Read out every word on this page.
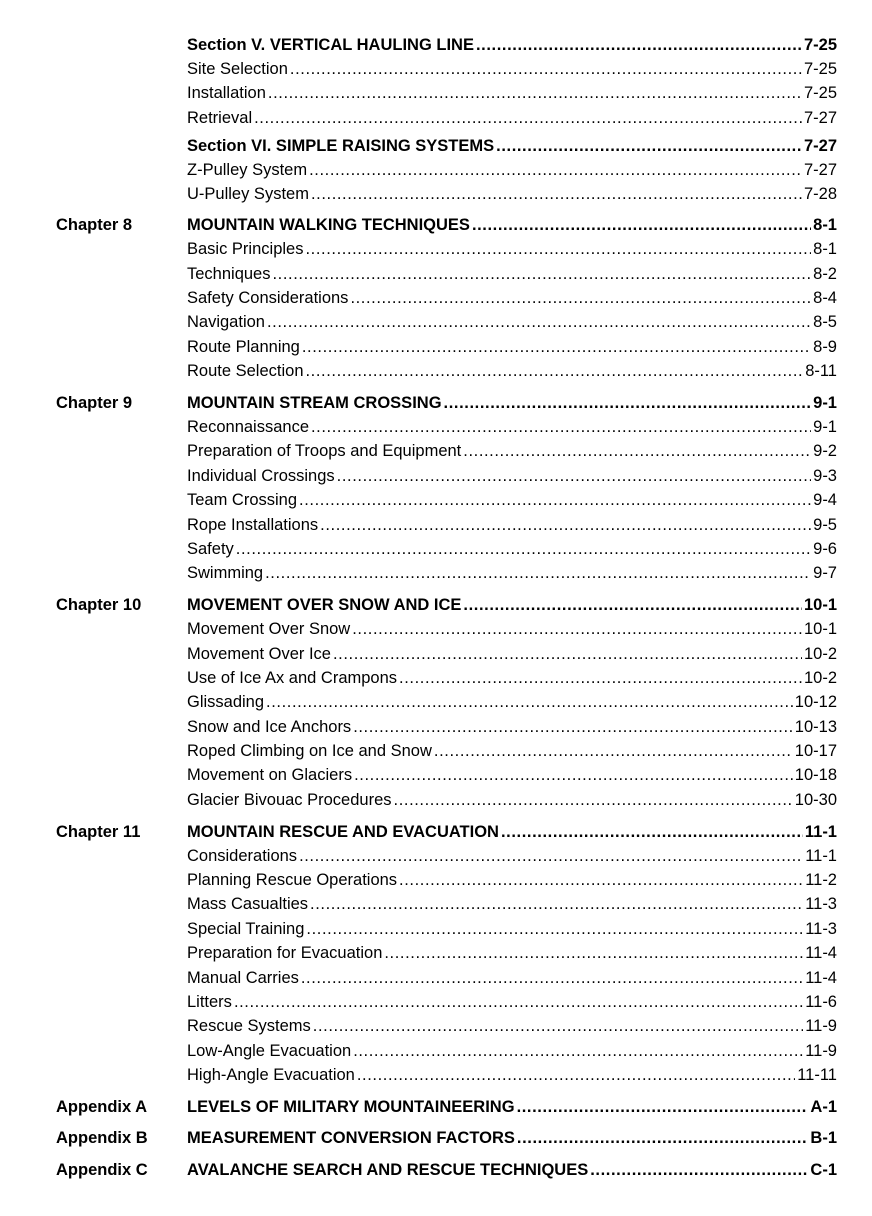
Section V. VERTICAL HAULING LINE .....	7-25
Site Selection .....	7-25
Installation .....	7-25
Retrieval .....	7-27
Section VI. SIMPLE RAISING SYSTEMS .....	7-27
Z-Pulley System .....	7-27
U-Pulley System .....	7-28
Chapter 8	MOUNTAIN WALKING TECHNIQUES .....	8-1
Basic Principles .....	8-1
Techniques .....	8-2
Safety Considerations .....	8-4
Navigation .....	8-5
Route Planning .....	8-9
Route Selection .....	8-11
Chapter 9	MOUNTAIN STREAM CROSSING .....	9-1
Reconnaissance .....	9-1
Preparation of Troops and Equipment .....	9-2
Individual Crossings .....	9-3
Team Crossing .....	9-4
Rope Installations .....	9-5
Safety .....	9-6
Swimming .....	9-7
Chapter 10	MOVEMENT OVER SNOW AND ICE .....	10-1
Movement Over Snow .....	10-1
Movement Over Ice .....	10-2
Use of Ice Ax and Crampons .....	10-2
Glissading .....	10-12
Snow and Ice Anchors .....	10-13
Roped Climbing on Ice and Snow .....	10-17
Movement on Glaciers .....	10-18
Glacier Bivouac Procedures .....	10-30
Chapter 11	MOUNTAIN RESCUE AND EVACUATION .....	11-1
Considerations .....	11-1
Planning Rescue Operations .....	11-2
Mass Casualties .....	11-3
Special Training .....	11-3
Preparation for Evacuation .....	11-4
Manual Carries .....	11-4
Litters .....	11-6
Rescue Systems .....	11-9
Low-Angle Evacuation .....	11-9
High-Angle Evacuation .....	11-11
Appendix A LEVELS OF MILITARY MOUNTAINEERING .....	A-1
Appendix B MEASUREMENT CONVERSION FACTORS .....	B-1
Appendix C AVALANCHE SEARCH AND RESCUE TECHNIQUES .....	C-1
